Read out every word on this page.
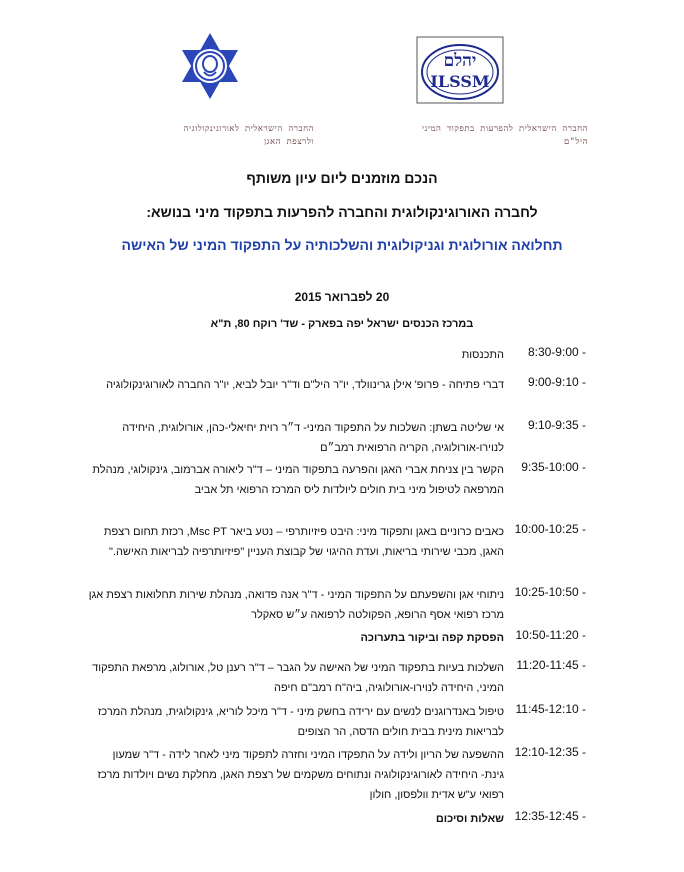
יהלם
ILSSM
החברה הישראלית להפרעות בתפקוד המיני
היל"ם
החברה הישראלית לאורוגינקולוגיה
ולרצפת האגן
הנכם מוזמנים ליום עיון משותף
לחברה האורוגינקולוגית והחברה להפרעות בתפקוד מיני בנושא:
תחלואה אורולוגית וגניקולוגית והשלכותיה על התפקוד המיני של האישה
20 לפברואר 2015
במרכז הכנסים ישראל יפה בפארק - שד' רוקח 80, ת"א
8:30-9:00 -
התכנסות
9:00-9:10 -
דברי פתיחה - פרופ' אילן גרינוולד, יו"ר היל"ם וד"ר יובל לביא, יו"ר החברה לאורוגינקולוגיה
9:10-9:35 -
אי שליטה בשתן: השלכות על התפקוד המיני- ד״ר רוית יחיאלי-כהן, אורולוגית, היחידה לנוירו-אורולוגיה, הקריה הרפואית רמב״ם
9:35-10:00 -
הקשר בין צניחת אברי האגן והפרעה בתפקוד המיני – ד"ר ליאורה אברמוב, גינקולוגי, מנהלת המרפאה לטיפול מיני בית חולים ליולדות ליס המרכז הרפואי תל אביב
10:00-10:25 -
כאבים כרוניים באגן ותפקוד מיני: היבט פיזיותרפי – נטע ביאר Msc PT, רכזת תחום רצפת האגן, מכבי שירותי בריאות, ועדת ההיגוי של קבוצת העניין "פיזיותרפיה לבריאות האישה."
10:25-10:50 -
ניתוחי אגן והשפעתם על התפקוד המיני - ד"ר אנה פדואה, מנהלת שירות תחלואות רצפת אגן מרכז רפואי אסף הרופא, הפקולטה לרפואה ע״ש סאקלר
10:50-11:20 -
הפסקת קפה וביקור בתערוכה
11:20-11:45 -
השלכות בעיות בתפקוד המיני של האישה על הגבר – ד"ר רענן טל, אורולוג, מרפאת התפקוד המיני, היחידה לנוירו-אורולוגיה, ביה"ח רמב"ם חיפה
11:45-12:10 -
טיפול באנדרוגנים לנשים עם ירידה בחשק מיני - ד"ר מיכל לוריא, גינקולוגית, מנהלת המרכז לבריאות מינית בבית חולים הדסה, הר הצופים
12:10-12:35 -
ההשפעה של הריון ולידה על התפקדו המיני וחזרה לתפקוד מיני לאחר לידה - ד"ר שמעון גינת- היחידה לאורוגינקולוגיה ונתוחים משקמים של רצפת האגן, מחלקת נשים ויולדות מרכז רפואי ע"ש אדית וולפסון, חולון
12:35-12:45 -
שאלות וסיכום
